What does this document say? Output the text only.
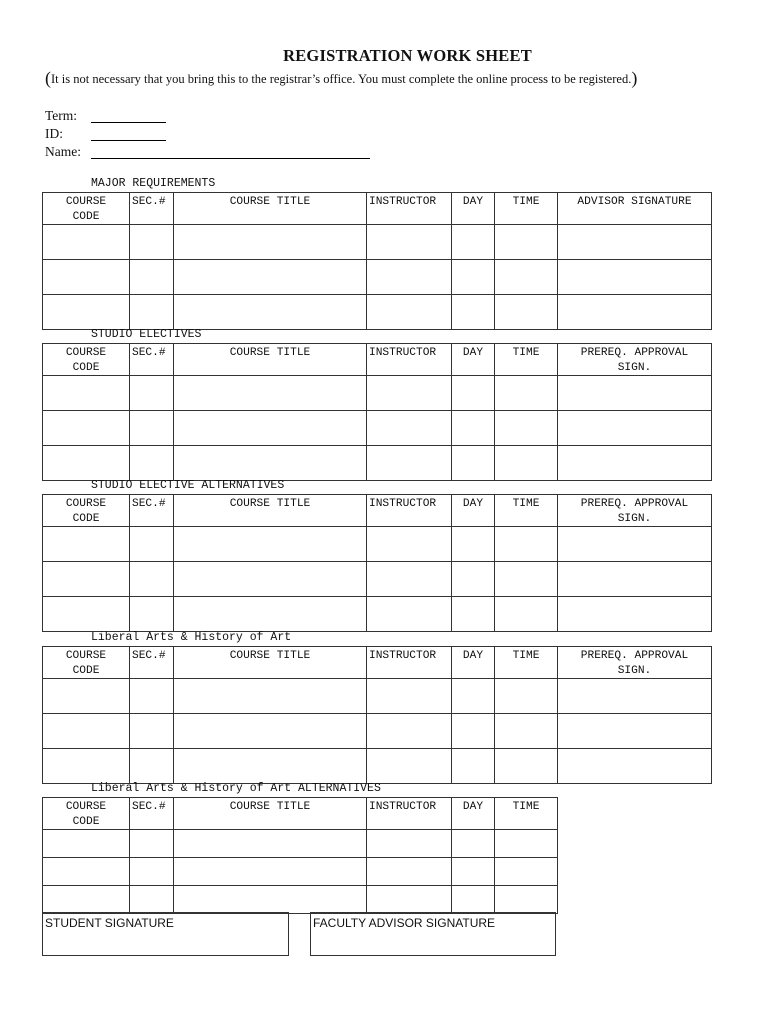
REGISTRATION WORK SHEET
(It is not necessary that you bring this to the registrar’s office. You must complete the online process to be registered.)
Term:
ID:
Name:
MAJOR REQUIREMENTS
COURSE
CODE	SEC.#	COURSE TITLE	INSTRUCTOR	DAY	TIME	ADVISOR SIGNATURE

STUDIO ELECTIVES
COURSE
CODE	SEC.#	COURSE TITLE	INSTRUCTOR	DAY	TIME	PREREQ. APPROVAL
SIGN.

STUDIO ELECTIVE ALTERNATIVES
COURSE
CODE	SEC.#	COURSE TITLE	INSTRUCTOR	DAY	TIME	PREREQ. APPROVAL
SIGN.

Liberal Arts & History of Art
COURSE
CODE	SEC.#	COURSE TITLE	INSTRUCTOR	DAY	TIME	PREREQ. APPROVAL
SIGN.

Liberal Arts & History of Art ALTERNATIVES
COURSE
CODE	SEC.#	COURSE TITLE	INSTRUCTOR	DAY	TIME

STUDENT SIGNATURE	FACULTY ADVISOR SIGNATURE
